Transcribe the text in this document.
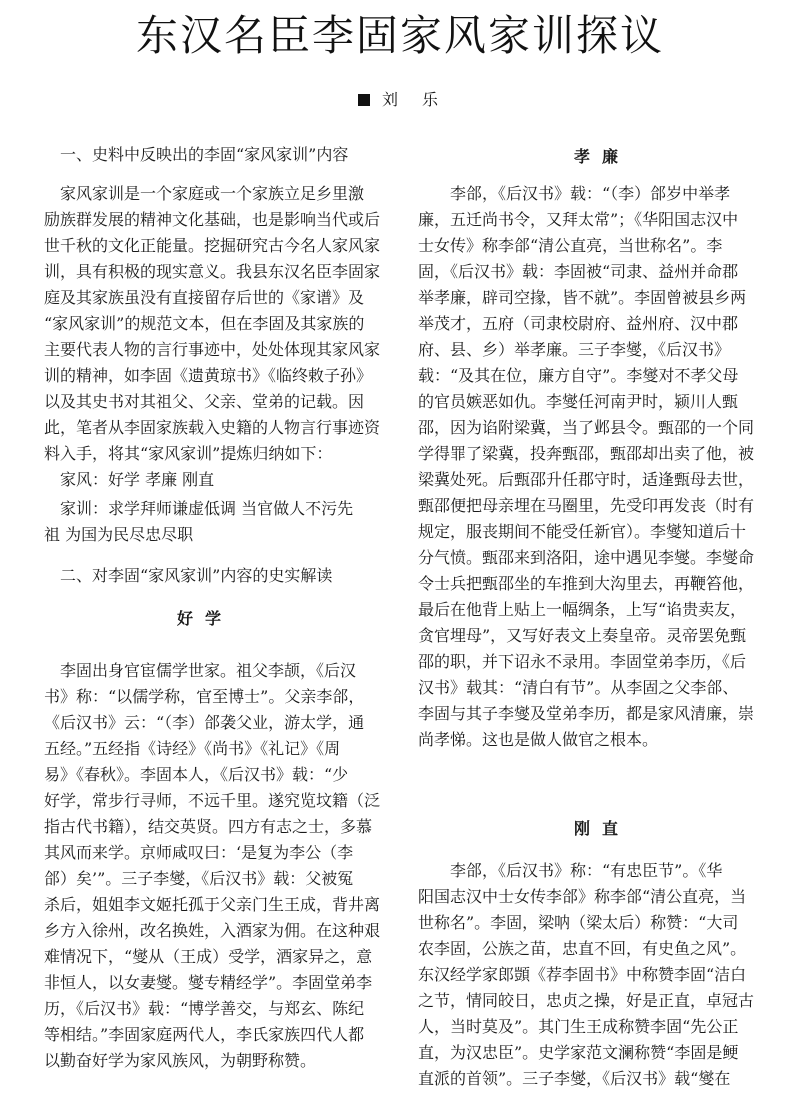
东汉名臣李固家风家训探议
刘　乐
一、史料中反映出的李固“家风家训”内容
家风家训是一个家庭或一个家族立足乡里激
励族群发展的精神文化基础，也是影响当代或后
世千秋的文化正能量。挖掘研究古今名人家风家
训，具有积极的现实意义。我县东汉名臣李固家
庭及其家族虽没有直接留存后世的《家谱》及
“家风家训”的规范文本，但在李固及其家族的
主要代表人物的言行事迹中，处处体现其家风家
训的精神，如李固《遗黄琼书》《临终敕子孙》
以及其史书对其祖父、父亲、堂弟的记载。因
此，笔者从李固家族载入史籍的人物言行事迹资
料入手，将其“家风家训”提炼归纳如下：
家风：好学 孝廉 刚直
家训：求学拜师谦虚低调 当官做人不污先
祖 为国为民尽忠尽职
二、对李固“家风家训”内容的史实解读
好学
李固出身官宦儒学世家。祖父李颉，《后汉
书》称：“以儒学称，官至博士”。父亲李郃，
《后汉书》云：“（李）郃袭父业，游太学，通
五经。”五经指《诗经》《尚书》《礼记》《周
易》《春秋》。李固本人，《后汉书》载：“少
好学，常步行寻师，不远千里。遂究览坟籍（泛
指古代书籍），结交英贤。四方有志之士，多慕
其风而来学。京师咸叹曰：‘是复为李公（李
郃）矣’”。三子李燮，《后汉书》载：父被冤
杀后，姐姐李文姬托孤于父亲门生王成，背井离
乡方入徐州，改名换姓，入酒家为佣。在这种艰
难情况下，“燮从（王成）受学，酒家异之，意
非恒人，以女妻燮。燮专精经学”。李固堂弟李
历，《后汉书》载：“博学善交，与郑玄、陈纪
等相结。”李固家庭两代人，李氏家族四代人都
以勤奋好学为家风族风，为朝野称赞。
孝廉
李郃，《后汉书》载：“（李）郃岁中举孝
廉，五迁尚书令，又拜太常”；《华阳国志汉中
士女传》称李郃“清公直亮，当世称名”。李
固，《后汉书》载：李固被“司隶、益州并命郡
举孝廉，辟司空掾，皆不就”。李固曾被县乡两
举茂才，五府（司隶校尉府、益州府、汉中郡
府、县、乡）举孝廉。三子李燮，《后汉书》
载：“及其在位，廉方自守”。李燮对不孝父母
的官员嫉恶如仇。李燮任河南尹时，颍川人甄
邵，因为谄附梁冀，当了邺县令。甄邵的一个同
学得罪了梁冀，投奔甄邵，甄邵却出卖了他，被
梁冀处死。后甄邵升任郡守时，适逢甄母去世，
甄邵便把母亲埋在马圈里，先受印再发丧（时有
规定，服丧期间不能受任新官）。李燮知道后十
分气愤。甄邵来到洛阳，途中遇见李燮。李燮命
令士兵把甄邵坐的车推到大沟里去，再鞭笞他，
最后在他背上贴上一幅绸条，上写“谄贵卖友，
贪官埋母”，又写好表文上奏皇帝。灵帝罢免甄
邵的职，并下诏永不录用。李固堂弟李历，《后
汉书》载其：“清白有节”。从李固之父李郃、
李固与其子李燮及堂弟李历，都是家风清廉，崇
尚孝悌。这也是做人做官之根本。
刚直
李郃，《后汉书》称：“有忠臣节”。《华
阳国志汉中士女传李郃》称李郃“清公直亮，当
世称名”。李固，梁呐（梁太后）称赞：“大司
农李固，公族之苗，忠直不回，有史鱼之风”。
东汉经学家郎顗《荐李固书》中称赞李固“洁白
之节，情同皎日，忠贞之操，好是正直，卓冠古
人，当时莫及”。其门生王成称赞李固“先公正
直，为汉忠臣”。史学家范文澜称赞“李固是鲠
直派的首领”。三子李燮，《后汉书》载“燮在
